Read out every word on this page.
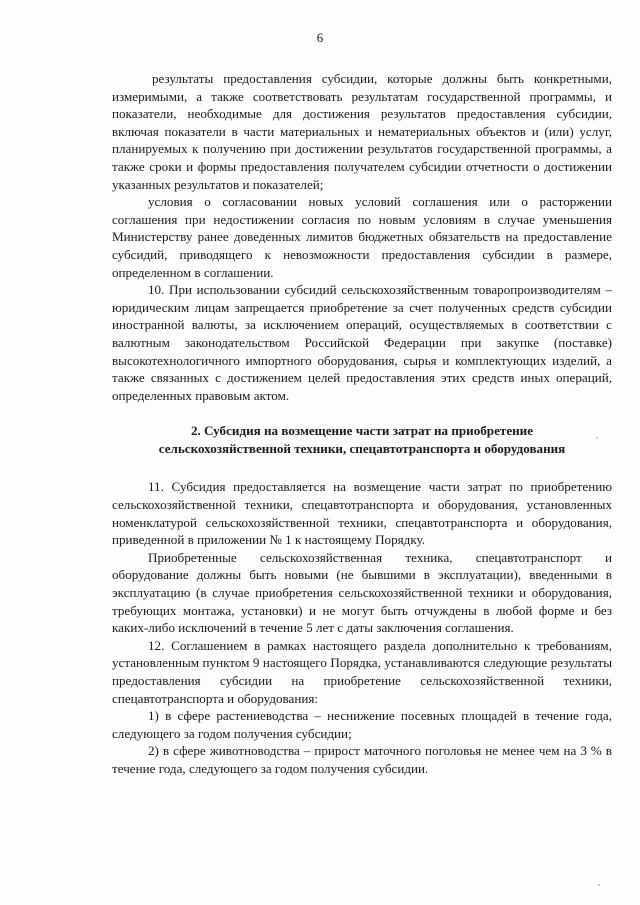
6

результаты предоставления субсидии, которые должны быть конкретными, измеримыми, а также соответствовать результатам государственной программы, и показатели, необходимые для достижения результатов предоставления субсидии, включая показатели в части материальных и нематериальных объектов и (или) услуг, планируемых к получению при достижении результатов государственной программы, а также сроки и формы предоставления получателем субсидии отчетности о достижении указанных результатов и показателей;

условия о согласовании новых условий соглашения или о расторжении соглашения при недостижении согласия по новым условиям в случае уменьшения Министерству ранее доведенных лимитов бюджетных обязательств на предоставление субсидий, приводящего к невозможности предоставления субсидии в размере, определенном в соглашении.

10. При использовании субсидий сельскохозяйственным товаропроизводителям – юридическим лицам запрещается приобретение за счет полученных средств субсидии иностранной валюты, за исключением операций, осуществляемых в соответствии с валютным законодательством Российской Федерации при закупке (поставке) высокотехнологичного импортного оборудования, сырья и комплектующих изделий, а также связанных с достижением целей предоставления этих средств иных операций, определенных правовым актом.

2. Субсидия на возмещение части затрат на приобретение
сельскохозяйственной техники, спецавтотранспорта и оборудования

11. Субсидия предоставляется на возмещение части затрат по приобретению сельскохозяйственной техники, спецавтотранспорта и оборудования, установленных номенклатурой сельскохозяйственной техники, спецавтотранспорта и оборудования, приведенной в приложении № 1 к настоящему Порядку.

Приобретенные сельскохозяйственная техника, спецавтотранспорт и оборудование должны быть новыми (не бывшими в эксплуатации), введенными в эксплуатацию (в случае приобретения сельскохозяйственной техники и оборудования, требующих монтажа, установки) и не могут быть отчуждены в любой форме и без каких-либо исключений в течение 5 лет с даты заключения соглашения.

12. Соглашением в рамках настоящего раздела дополнительно к требованиям, установленным пунктом 9 настоящего Порядка, устанавливаются следующие результаты предоставления субсидии на приобретение сельскохозяйственной техники, спецавтотранспорта и оборудования:

1) в сфере растениеводства – неснижение посевных площадей в течение года, следующего за годом получения субсидии;

2) в сфере животноводства – прирост маточного поголовья не менее чем на 3 % в течение года, следующего за годом получения субсидии.
